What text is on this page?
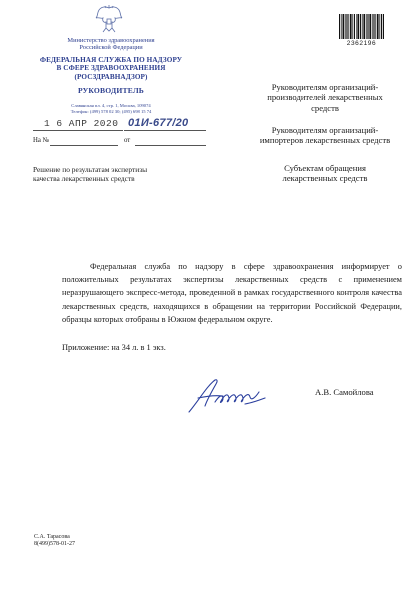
Министерство здравоохранения
Российской Федерации
ФЕДЕРАЛЬНАЯ СЛУЖБА ПО НАДЗОРУ
В СФЕРЕ ЗДРАВООХРАНЕНИЯ
(РОСЗДРАВНАДЗОР)
РУКОВОДИТЕЛЬ
Славянская пл. 4, стр. 1, Москва, 109074
Телефон: (499) 578 02 30; (495) 698 15 74
1 6 АПР 2020 01И-677/20
На №	от
Решение по результатам экспертизы
качества лекарственных средств
2362196
Руководителям организаций-
производителей лекарственных
средств
Руководителям организаций-
импортеров лекарственных средств
Субъектам обращения
лекарственных средств
Федеральная служба по надзору в сфере здравоохранения информирует о положительных результатах экспертизы лекарственных средств с применением неразрушающего экспресс-метода, проведенной в рамках государственного контроля качества лекарственных средств, находящихся в обращении на территории Российской Федерации, образцы которых отобраны в Южном федеральном округе.
Приложение: на 34 л. в 1 экз.
А.В. Самойлова
С.А. Тарасова
8(499)578-01-27
